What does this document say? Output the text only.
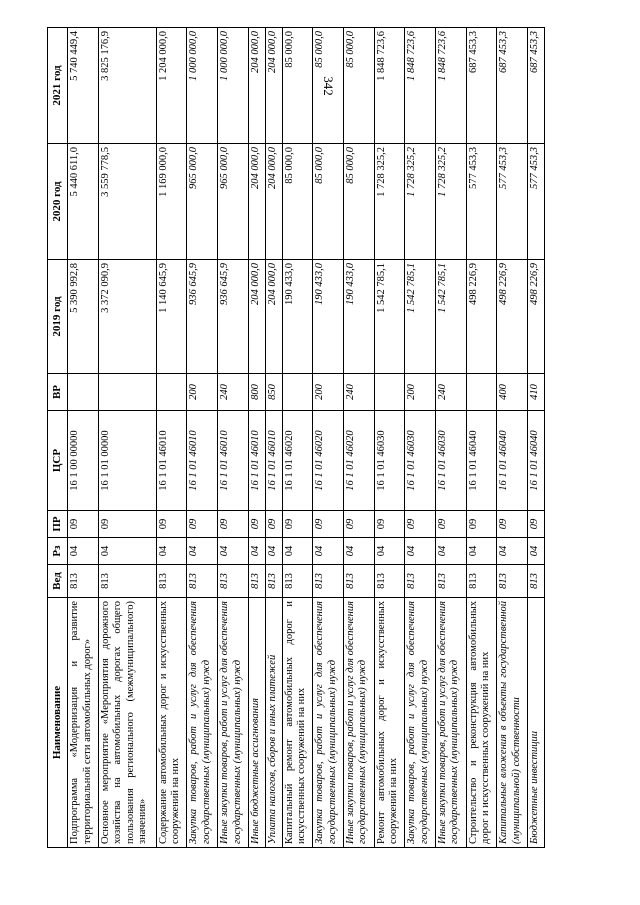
342
Наименование	Вед	Рз	ПР	ЦСР	ВР	2019 год	2020 год	2021 год
Подпрограмма «Модернизация и развитие территориальной сети автомобильных дорог»	813	04	09	16 1 00 00000		5 390 992,8	5 440 611,0	5 740 449,4
Основное мероприятие «Мероприятия дорожного хозяйства на автомобильных дорогах общего пользования регионального (межмуниципального) значения»	813	04	09	16 1 01 00000		3 372 090,9	3 559 778,5	3 825 176,9
Содержание автомобильных дорог и искусственных сооружений на них	813	04	09	16 1 01 46010		1 140 645,9	1 169 000,0	1 204 000,0
Закупка товаров, работ и услуг для обеспечения государственных (муниципальных) нужд	813	04	09	16 1 01 46010	200	936 645,9	965 000,0	1 000 000,0
Иные закупки товаров, работ и услуг для обеспечения государственных (муниципальных) нужд	813	04	09	16 1 01 46010	240	936 645,9	965 000,0	1 000 000,0
Иные бюджетные ассигнования	813	04	09	16 1 01 46010	800	204 000,0	204 000,0	204 000,0
Уплата налогов, сборов и иных платежей	813	04	09	16 1 01 46010	850	204 000,0	204 000,0	204 000,0
Капитальный ремонт автомобильных дорог и искусственных сооружений на них	813	04	09	16 1 01 46020		190 433,0	85 000,0	85 000,0
Закупка товаров, работ и услуг для обеспечения государственных (муниципальных) нужд	813	04	09	16 1 01 46020	200	190 433,0	85 000,0	85 000,0
Иные закупки товаров, работ и услуг для обеспечения государственных (муниципальных) нужд	813	04	09	16 1 01 46020	240	190 433,0	85 000,0	85 000,0
Ремонт автомобильных дорог и искусственных сооружений на них	813	04	09	16 1 01 46030		1 542 785,1	1 728 325,2	1 848 723,6
Закупка товаров, работ и услуг для обеспечения государственных (муниципальных) нужд	813	04	09	16 1 01 46030	200	1 542 785,1	1 728 325,2	1 848 723,6
Иные закупки товаров, работ и услуг для обеспечения государственных (муниципальных) нужд	813	04	09	16 1 01 46030	240	1 542 785,1	1 728 325,2	1 848 723,6
Строительство и реконструкция автомобильных дорог и искусственных сооружений на них	813	04	09	16 1 01 46040		498 226,9	577 453,3	687 453,3
Капитальные вложения в объекты государственной (муниципальной) собственности	813	04	09	16 1 01 46040	400	498 226,9	577 453,3	687 453,3
Бюджетные инвестиции	813	04	09	16 1 01 46040	410	498 226,9	577 453,3	687 453,3
